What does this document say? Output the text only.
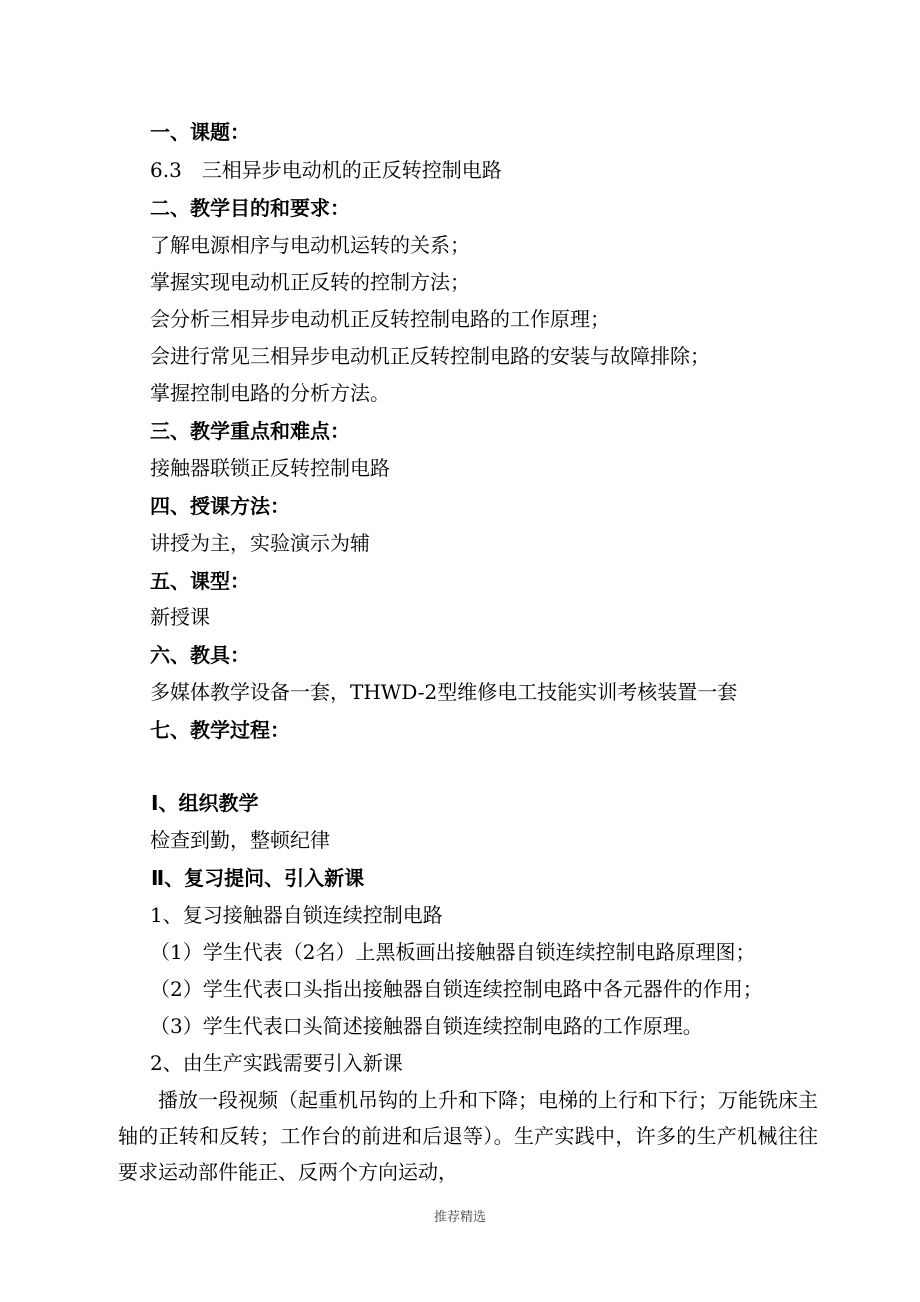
一、课题：
6.3　三相异步电动机的正反转控制电路
二、教学目的和要求：
了解电源相序与电动机运转的关系；
掌握实现电动机正反转的控制方法；
会分析三相异步电动机正反转控制电路的工作原理；
会进行常见三相异步电动机正反转控制电路的安装与故障排除；
掌握控制电路的分析方法。
三、教学重点和难点：
接触器联锁正反转控制电路
四、授课方法：
讲授为主，实验演示为辅
五、课型：
新授课
六、教具：
多媒体教学设备一套，THWD-2型维修电工技能实训考核装置一套
七、教学过程：
Ⅰ、组织教学
检查到勤，整顿纪律
Ⅱ、复习提问、引入新课
1、复习接触器自锁连续控制电路
（1）学生代表（2名）上黑板画出接触器自锁连续控制电路原理图；
（2）学生代表口头指出接触器自锁连续控制电路中各元器件的作用；
（3）学生代表口头简述接触器自锁连续控制电路的工作原理。
2、由生产实践需要引入新课
播放一段视频（起重机吊钩的上升和下降；电梯的上行和下行；万能铣床主轴的正转和反转；工作台的前进和后退等）。生产实践中，许多的生产机械往往要求运动部件能正、反两个方向运动，
推荐精选
